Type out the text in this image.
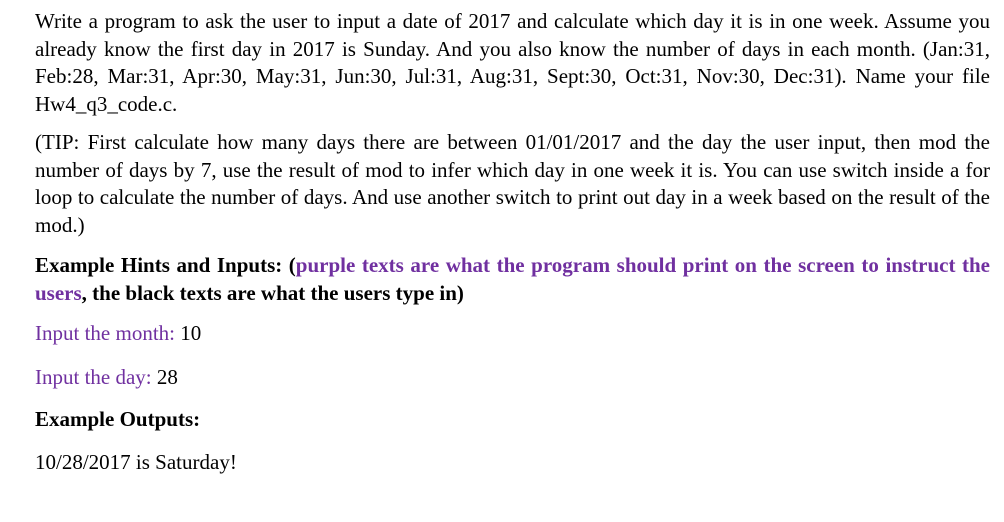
Write a program to ask the user to input a date of 2017 and calculate which day it is in one week. Assume you already know the first day in 2017 is Sunday. And you also know the number of days in each month. (Jan:31, Feb:28, Mar:31, Apr:30, May:31, Jun:30, Jul:31, Aug:31, Sept:30, Oct:31, Nov:30, Dec:31). Name your file Hw4_q3_code.c.

(TIP: First calculate how many days there are between 01/01/2017 and the day the user input, then mod the number of days by 7, use the result of mod to infer which day in one week it is. You can use switch inside a for loop to calculate the number of days. And use another switch to print out day in a week based on the result of the mod.)

Example Hints and Inputs: (purple texts are what the program should print on the screen to instruct the users, the black texts are what the users type in)

Input the month: 10

Input the day: 28

Example Outputs:

10/28/2017 is Saturday!
